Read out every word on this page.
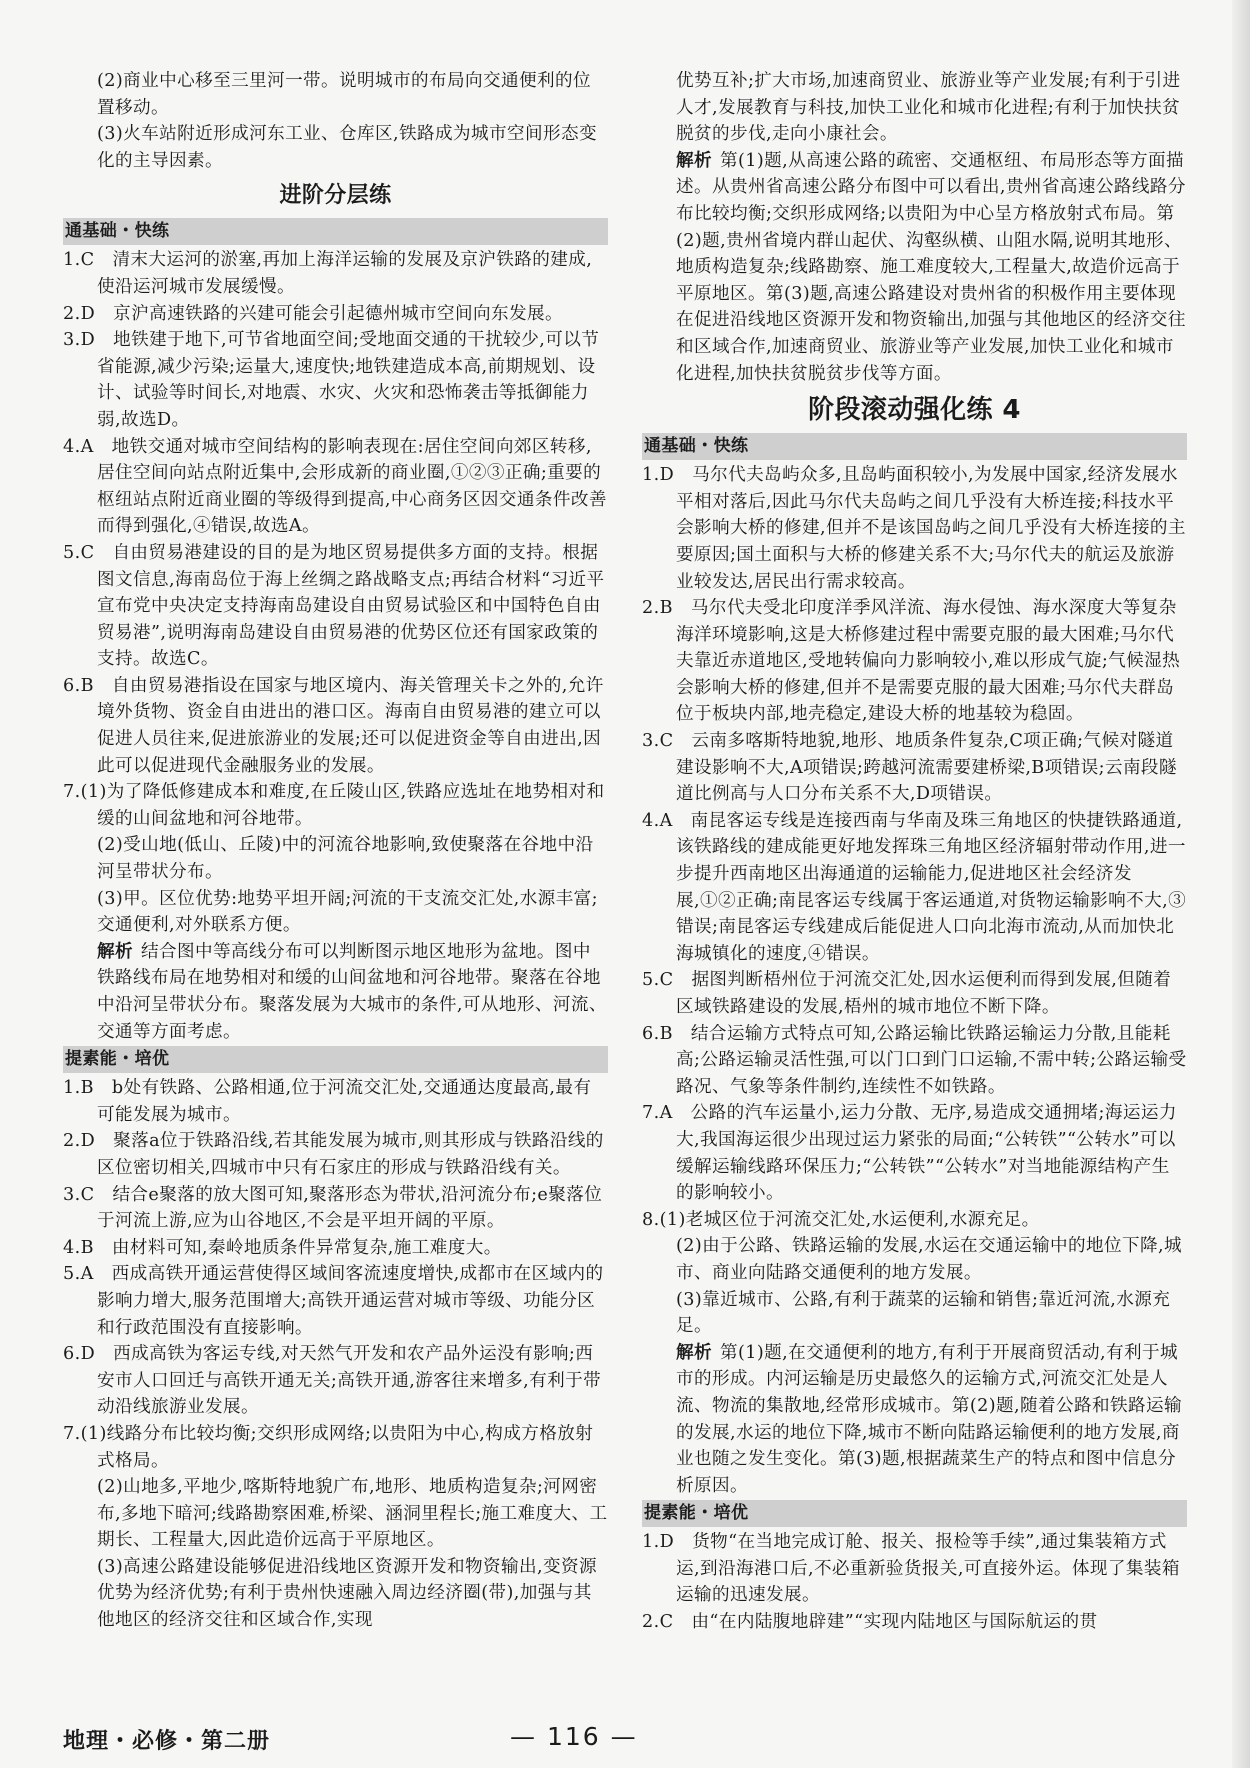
(2)商业中心移至三里河一带。说明城市的布局向交通便利的位置移动。

(3)火车站附近形成河东工业、仓库区,铁路成为城市空间形态变化的主导因素。

进阶分层练
通基础・快练

1.C　清末大运河的淤塞,再加上海洋运输的发展及京沪铁路的建成,使沿运河城市发展缓慢。

2.D　京沪高速铁路的兴建可能会引起德州城市空间向东发展。

3.D　地铁建于地下,可节省地面空间;受地面交通的干扰较少,可以节省能源,减少污染;运量大,速度快;地铁建造成本高,前期规划、设计、试验等时间长,对地震、水灾、火灾和恐怖袭击等抵御能力弱,故选D。

4.A　地铁交通对城市空间结构的影响表现在:居住空间向郊区转移,居住空间向站点附近集中,会形成新的商业圈,①②③正确;重要的枢纽站点附近商业圈的等级得到提高,中心商务区因交通条件改善而得到强化,④错误,故选A。

5.C　自由贸易港建设的目的是为地区贸易提供多方面的支持。根据图文信息,海南岛位于海上丝绸之路战略支点;再结合材料“习近平宣布党中央决定支持海南岛建设自由贸易试验区和中国特色自由贸易港”,说明海南岛建设自由贸易港的优势区位还有国家政策的支持。故选C。

6.B　自由贸易港指设在国家与地区境内、海关管理关卡之外的,允许境外货物、资金自由进出的港口区。海南自由贸易港的建立可以促进人员往来,促进旅游业的发展;还可以促进资金等自由进出,因此可以促进现代金融服务业的发展。

7.(1)为了降低修建成本和难度,在丘陵山区,铁路应选址在地势相对和缓的山间盆地和河谷地带。

(2)受山地(低山、丘陵)中的河流谷地影响,致使聚落在谷地中沿河呈带状分布。

(3)甲。区位优势:地势平坦开阔;河流的干支流交汇处,水源丰富;交通便利,对外联系方便。

解析 结合图中等高线分布可以判断图示地区地形为盆地。图中铁路线布局在地势相对和缓的山间盆地和河谷地带。聚落在谷地中沿河呈带状分布。聚落发展为大城市的条件,可从地形、河流、交通等方面考虑。

提素能・培优

1.B　b处有铁路、公路相通,位于河流交汇处,交通通达度最高,最有可能发展为城市。

2.D　聚落a位于铁路沿线,若其能发展为城市,则其形成与铁路沿线的区位密切相关,四城市中只有石家庄的形成与铁路沿线有关。

3.C　结合e聚落的放大图可知,聚落形态为带状,沿河流分布;e聚落位于河流上游,应为山谷地区,不会是平坦开阔的平原。

4.B　由材料可知,秦岭地质条件异常复杂,施工难度大。

5.A　西成高铁开通运营使得区域间客流速度增快,成都市在区域内的影响力增大,服务范围增大;高铁开通运营对城市等级、功能分区和行政范围没有直接影响。

6.D　西成高铁为客运专线,对天然气开发和农产品外运没有影响;西安市人口回迁与高铁开通无关;高铁开通,游客往来增多,有利于带动沿线旅游业发展。

7.(1)线路分布比较均衡;交织形成网络;以贵阳为中心,构成方格放射式格局。

(2)山地多,平地少,喀斯特地貌广布,地形、地质构造复杂;河网密布,多地下暗河;线路勘察困难,桥梁、涵洞里程长;施工难度大、工期长、工程量大,因此造价远高于平原地区。

(3)高速公路建设能够促进沿线地区资源开发和物资输出,变资源优势为经济优势;有利于贵州快速融入周边经济圈(带),加强与其他地区的经济交往和区域合作,实现

优势互补;扩大市场,加速商贸业、旅游业等产业发展;有利于引进人才,发展教育与科技,加快工业化和城市化进程;有利于加快扶贫脱贫的步伐,走向小康社会。

解析 第(1)题,从高速公路的疏密、交通枢纽、布局形态等方面描述。从贵州省高速公路分布图中可以看出,贵州省高速公路线路分布比较均衡;交织形成网络;以贵阳为中心呈方格放射式布局。第(2)题,贵州省境内群山起伏、沟壑纵横、山阻水隔,说明其地形、地质构造复杂;线路勘察、施工难度较大,工程量大,故造价远高于平原地区。第(3)题,高速公路建设对贵州省的积极作用主要体现在促进沿线地区资源开发和物资输出,加强与其他地区的经济交往和区域合作,加速商贸业、旅游业等产业发展,加快工业化和城市化进程,加快扶贫脱贫步伐等方面。

阶段滚动强化练 4
通基础・快练

1.D　马尔代夫岛屿众多,且岛屿面积较小,为发展中国家,经济发展水平相对落后,因此马尔代夫岛屿之间几乎没有大桥连接;科技水平会影响大桥的修建,但并不是该国岛屿之间几乎没有大桥连接的主要原因;国土面积与大桥的修建关系不大;马尔代夫的航运及旅游业较发达,居民出行需求较高。

2.B　马尔代夫受北印度洋季风洋流、海水侵蚀、海水深度大等复杂海洋环境影响,这是大桥修建过程中需要克服的最大困难;马尔代夫靠近赤道地区,受地转偏向力影响较小,难以形成气旋;气候湿热会影响大桥的修建,但并不是需要克服的最大困难;马尔代夫群岛位于板块内部,地壳稳定,建设大桥的地基较为稳固。

3.C　云南多喀斯特地貌,地形、地质条件复杂,C项正确;气候对隧道建设影响不大,A项错误;跨越河流需要建桥梁,B项错误;云南段隧道比例高与人口分布关系不大,D项错误。

4.A　南昆客运专线是连接西南与华南及珠三角地区的快捷铁路通道,该铁路线的建成能更好地发挥珠三角地区经济辐射带动作用,进一步提升西南地区出海通道的运输能力,促进地区社会经济发展,①②正确;南昆客运专线属于客运通道,对货物运输影响不大,③错误;南昆客运专线建成后能促进人口向北海市流动,从而加快北海城镇化的速度,④错误。

5.C　据图判断梧州位于河流交汇处,因水运便利而得到发展,但随着区域铁路建设的发展,梧州的城市地位不断下降。

6.B　结合运输方式特点可知,公路运输比铁路运输运力分散,且能耗高;公路运输灵活性强,可以门口到门口运输,不需中转;公路运输受路况、气象等条件制约,连续性不如铁路。

7.A　公路的汽车运量小,运力分散、无序,易造成交通拥堵;海运运力大,我国海运很少出现过运力紧张的局面;“公转铁”“公转水”可以缓解运输线路环保压力;“公转铁”“公转水”对当地能源结构产生的影响较小。

8.(1)老城区位于河流交汇处,水运便利,水源充足。

(2)由于公路、铁路运输的发展,水运在交通运输中的地位下降,城市、商业向陆路交通便利的地方发展。

(3)靠近城市、公路,有利于蔬菜的运输和销售;靠近河流,水源充足。

解析 第(1)题,在交通便利的地方,有利于开展商贸活动,有利于城市的形成。内河运输是历史最悠久的运输方式,河流交汇处是人流、物流的集散地,经常形成城市。第(2)题,随着公路和铁路运输的发展,水运的地位下降,城市不断向陆路运输便利的地方发展,商业也随之发生变化。第(3)题,根据蔬菜生产的特点和图中信息分析原因。

提素能・培优

1.D　货物“在当地完成订舱、报关、报检等手续”,通过集装箱方式运,到沿海港口后,不必重新验货报关,可直接外运。体现了集装箱运输的迅速发展。

2.C　由“在内陆腹地辟建”“实现内陆地区与国际航运的贯

地理・必修・第二册	— 116 —
